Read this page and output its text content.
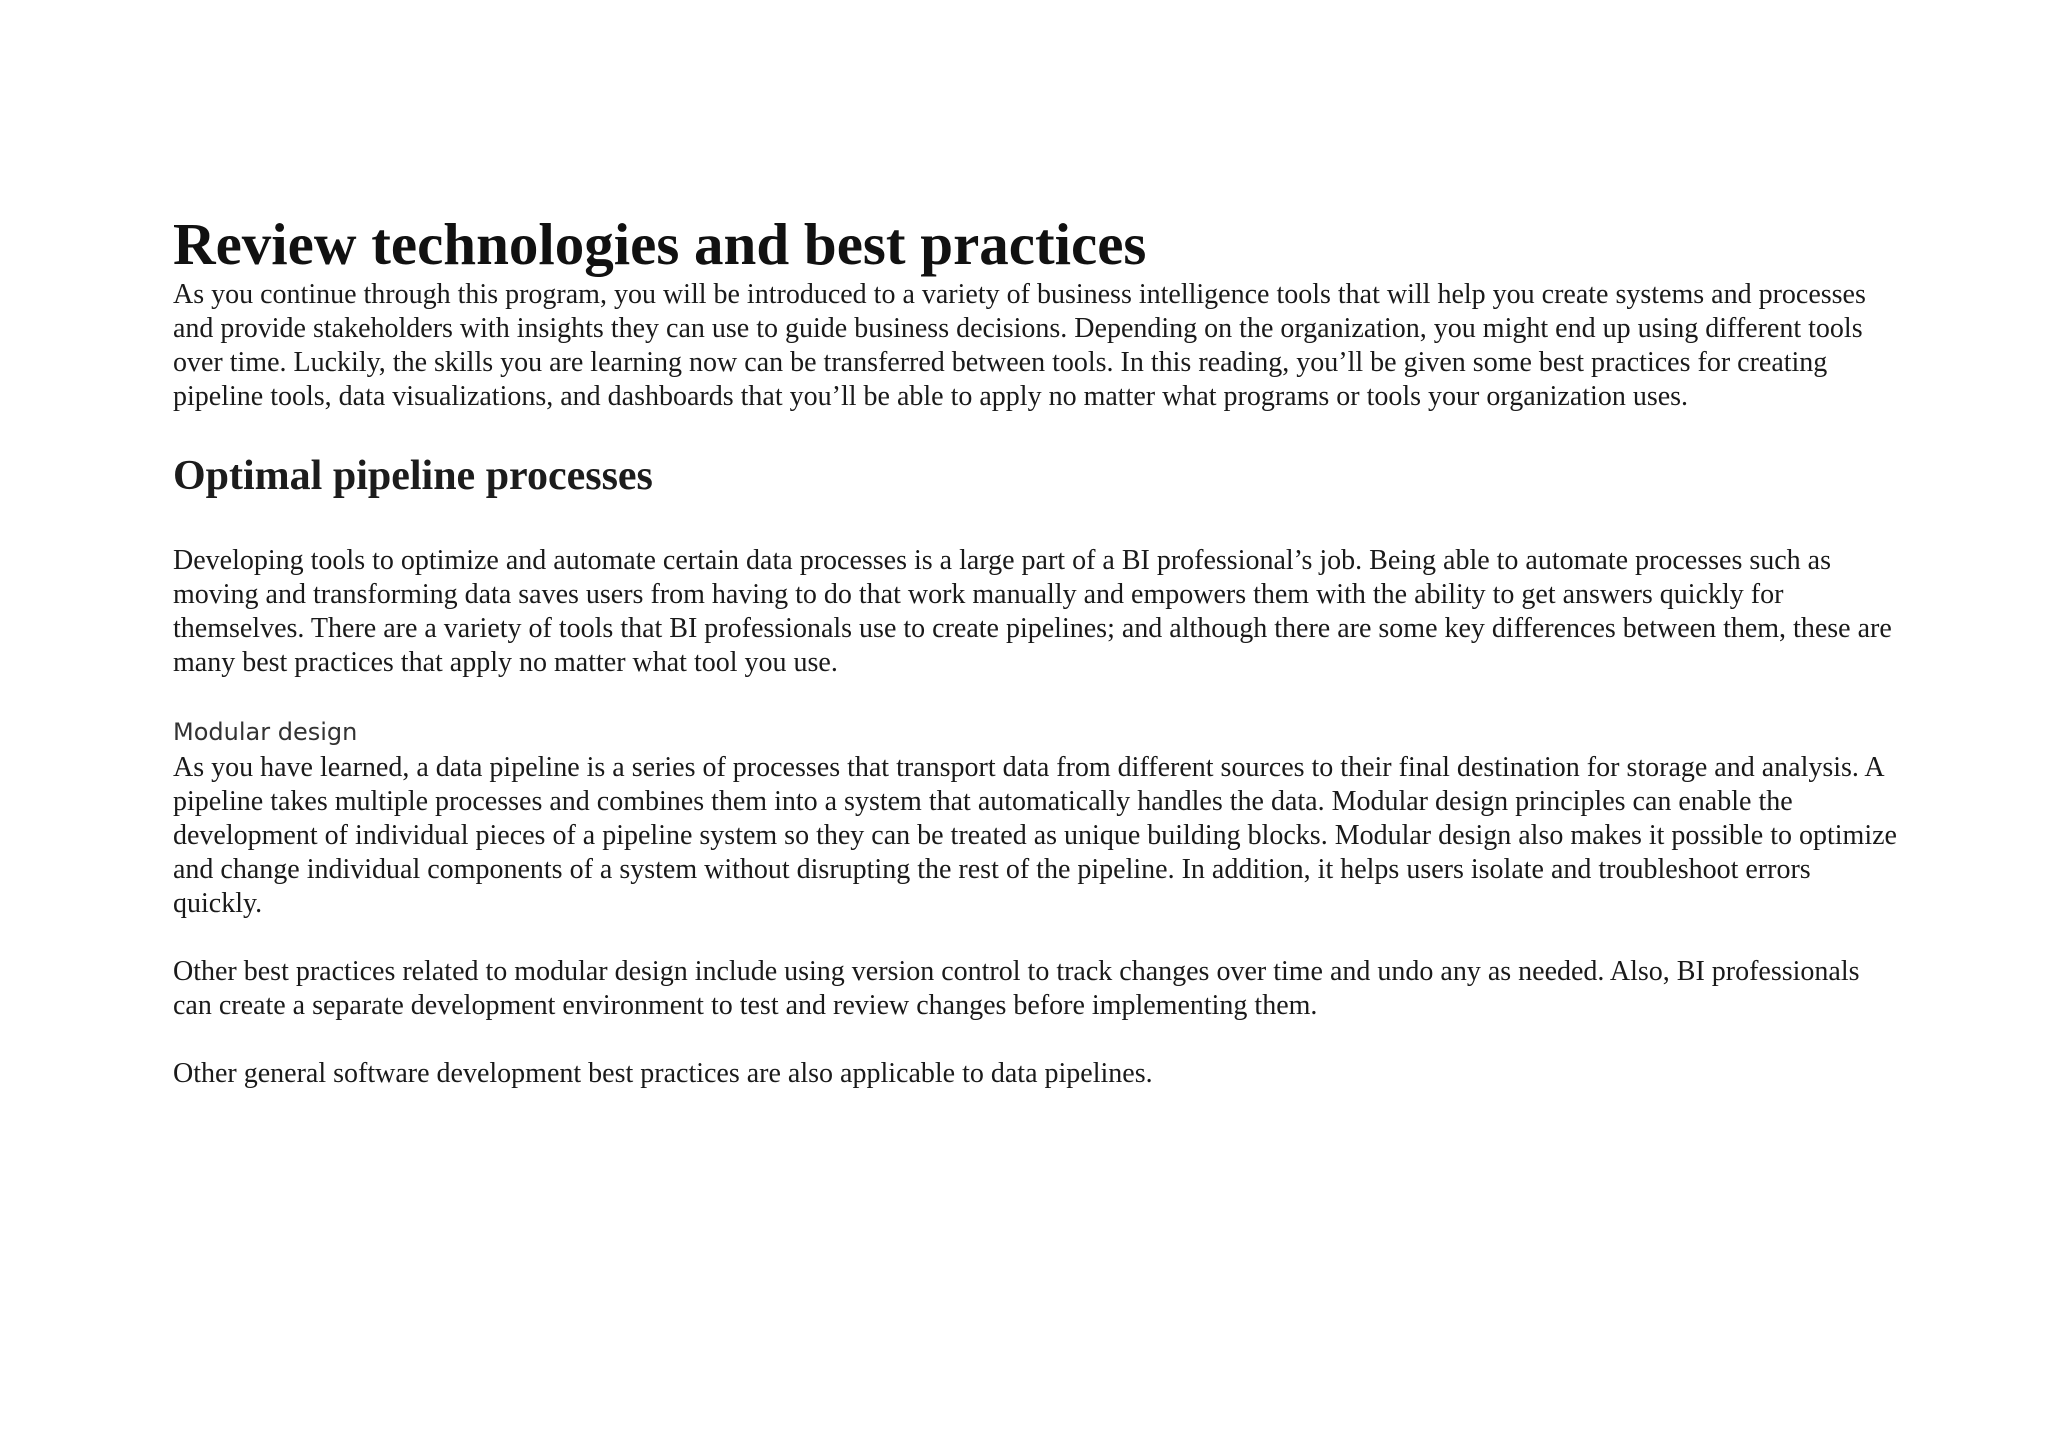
Review technologies and best practices

As you continue through this program, you will be introduced to a variety of business intelligence tools that will help you create systems and processes and provide stakeholders with insights they can use to guide business decisions. Depending on the organization, you might end up using different tools over time. Luckily, the skills you are learning now can be transferred between tools. In this reading, you’ll be given some best practices for creating pipeline tools, data visualizations, and dashboards that you’ll be able to apply no matter what programs or tools your organization uses.

Optimal pipeline processes

Developing tools to optimize and automate certain data processes is a large part of a BI professional’s job. Being able to automate processes such as moving and transforming data saves users from having to do that work manually and empowers them with the ability to get answers quickly for themselves. There are a variety of tools that BI professionals use to create pipelines; and although there are some key differences between them, these are many best practices that apply no matter what tool you use.

Modular design

As you have learned, a data pipeline is a series of processes that transport data from different sources to their final destination for storage and analysis. A pipeline takes multiple processes and combines them into a system that automatically handles the data. Modular design principles can enable the development of individual pieces of a pipeline system so they can be treated as unique building blocks. Modular design also makes it possible to optimize and change individual components of a system without disrupting the rest of the pipeline. In addition, it helps users isolate and troubleshoot errors quickly.

Other best practices related to modular design include using version control to track changes over time and undo any as needed. Also, BI professionals can create a separate development environment to test and review changes before implementing them.

Other general software development best practices are also applicable to data pipelines.
